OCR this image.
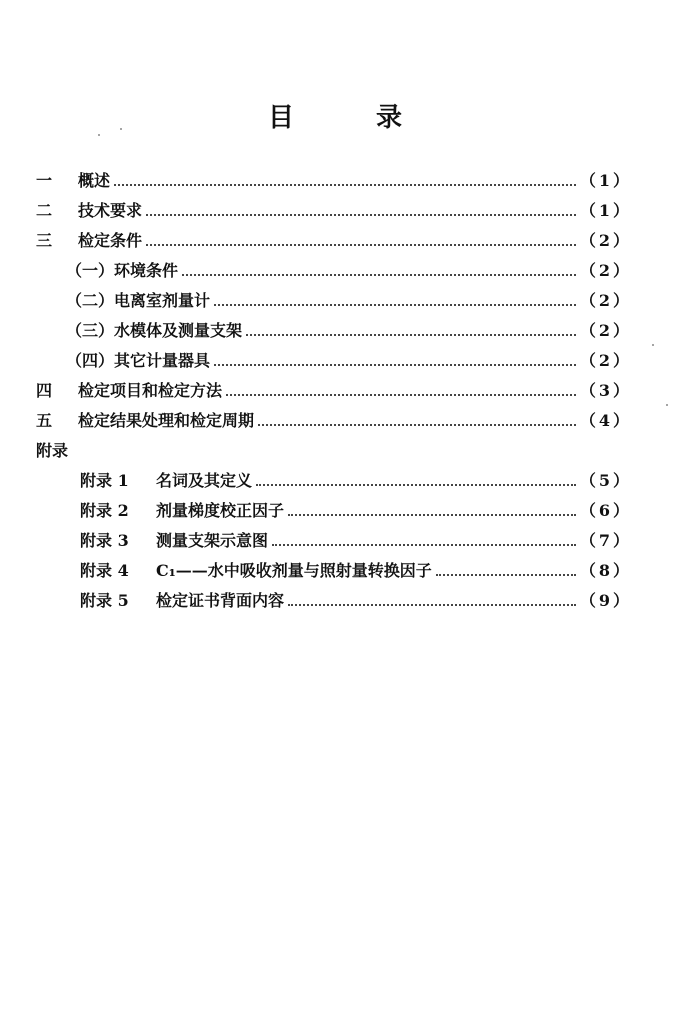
目	录
一	概述	（1）
二	技术要求	（1）
三	检定条件	（2）
（一）环境条件	（2）
（二）电离室剂量计	（2）
（三）水模体及测量支架	（2）
（四）其它计量器具	（2）
四	检定项目和检定方法	（3）
五	检定结果处理和检定周期	（4）
附录
附录 1	名词及其定义	（5）
附录 2	剂量梯度校正因子	（6）
附录 3	测量支架示意图	（7）
附录 4	C₁——水中吸收剂量与照射量转换因子	（8）
附录 5	检定证书背面内容	（9）
